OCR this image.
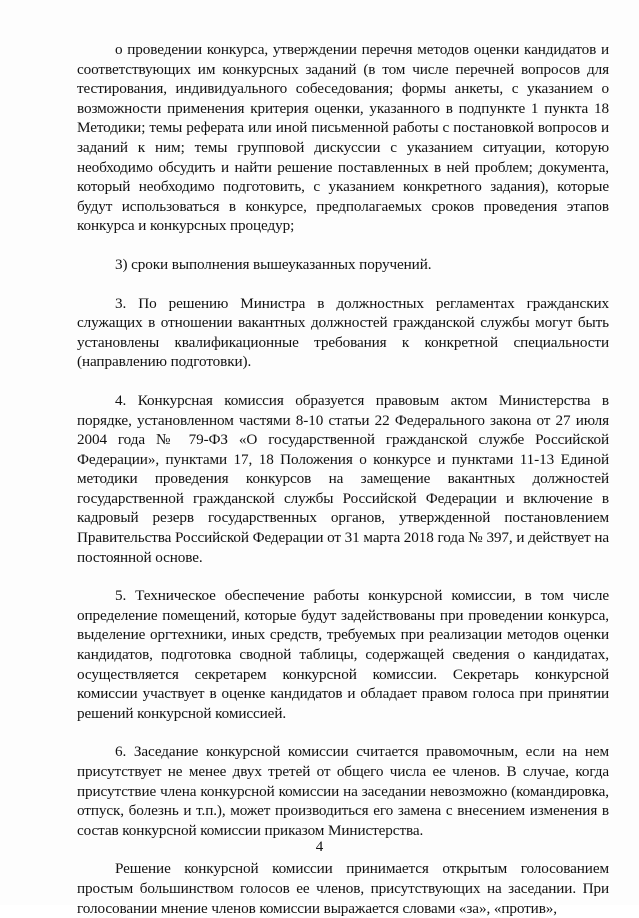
о проведении конкурса, утверждении перечня методов оценки кандидатов и соответствующих им конкурсных заданий (в том числе перечней вопросов для тестирования, индивидуального собеседования; формы анкеты, с указанием о возможности применения критерия оценки, указанного в подпункте 1 пункта 18 Методики; темы реферата или иной письменной работы с постановкой вопросов и заданий к ним; темы групповой дискуссии с указанием ситуации, которую необходимо обсудить и найти решение поставленных в ней проблем; документа, который необходимо подготовить, с указанием конкретного задания), которые будут использоваться в конкурсе, предполагаемых сроков проведения этапов конкурса и конкурсных процедур;

3) сроки выполнения вышеуказанных поручений.

3. По решению Министра в должностных регламентах гражданских служащих в отношении вакантных должностей гражданской службы могут быть установлены квалификационные требования к конкретной специальности (направлению подготовки).

4. Конкурсная комиссия образуется правовым актом Министерства в порядке, установленном частями 8-10 статьи 22 Федерального закона от 27 июля 2004 года № 79-ФЗ «О государственной гражданской службе Российской Федерации», пунктами 17, 18 Положения о конкурсе и пунктами 11-13 Единой методики проведения конкурсов на замещение вакантных должностей государственной гражданской службы Российской Федерации и включение в кадровый резерв государственных органов, утвержденной постановлением Правительства Российской Федерации от 31 марта 2018 года № 397, и действует на постоянной основе.

5. Техническое обеспечение работы конкурсной комиссии, в том числе определение помещений, которые будут задействованы при проведении конкурса, выделение оргтехники, иных средств, требуемых при реализации методов оценки кандидатов, подготовка сводной таблицы, содержащей сведения о кандидатах, осуществляется секретарем конкурсной комиссии. Секретарь конкурсной комиссии участвует в оценке кандидатов и обладает правом голоса при принятии решений конкурсной комиссией.

6. Заседание конкурсной комиссии считается правомочным, если на нем присутствует не менее двух третей от общего числа ее членов. В случае, когда присутствие члена конкурсной комиссии на заседании невозможно (командировка, отпуск, болезнь и т.п.), может производиться его замена с внесением изменения в состав конкурсной комиссии приказом Министерства.

Решение конкурсной комиссии принимается открытым голосованием простым большинством голосов ее членов, присутствующих на заседании. При голосовании мнение членов комиссии выражается словами «за», «против»,

4
